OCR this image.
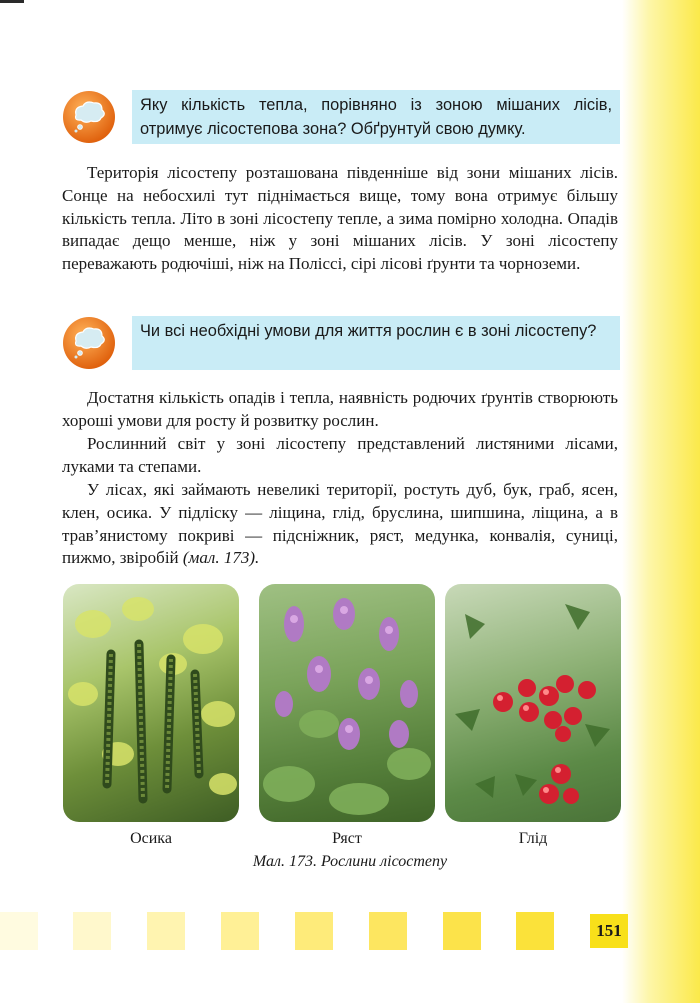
Яку кількість тепла, порівняно із зоною мішаних лісів, отримує лісостепова зона? Обґрунтуй свою думку.

Територія лісостепу розташована південніше від зони мішаних лісів. Сонце на небосхилі тут піднімається вище, тому вона отримує більшу кількість тепла. Літо в зоні лісостепу тепле, а зима помірно холодна. Опадів випадає дещо менше, ніж у зоні мішаних лісів. У зоні лісостепу переважають родючіші, ніж на Поліссі, сірі лісові ґрунти та чорноземи.

Чи всі необхідні умови для життя рослин є в зоні лісостепу?

Достатня кількість опадів і тепла, наявність родючих ґрунтів створюють хороші умови для росту й розвитку рослин.

Рослинний світ у зоні лісостепу представлений листяними лісами, луками та степами.

У лісах, які займають невеликі території, ростуть дуб, бук, граб, ясен, клен, осика. У підліску — ліщина, глід, бруслина, шипшина, ліщина, а в трав’янистому покриві — підсніжник, ряст, медунка, конвалія, суниці, пижмо, звіробій (мал. 173).

Осика	Ряст	Глід
Мал. 173. Рослини лісостепу
151
